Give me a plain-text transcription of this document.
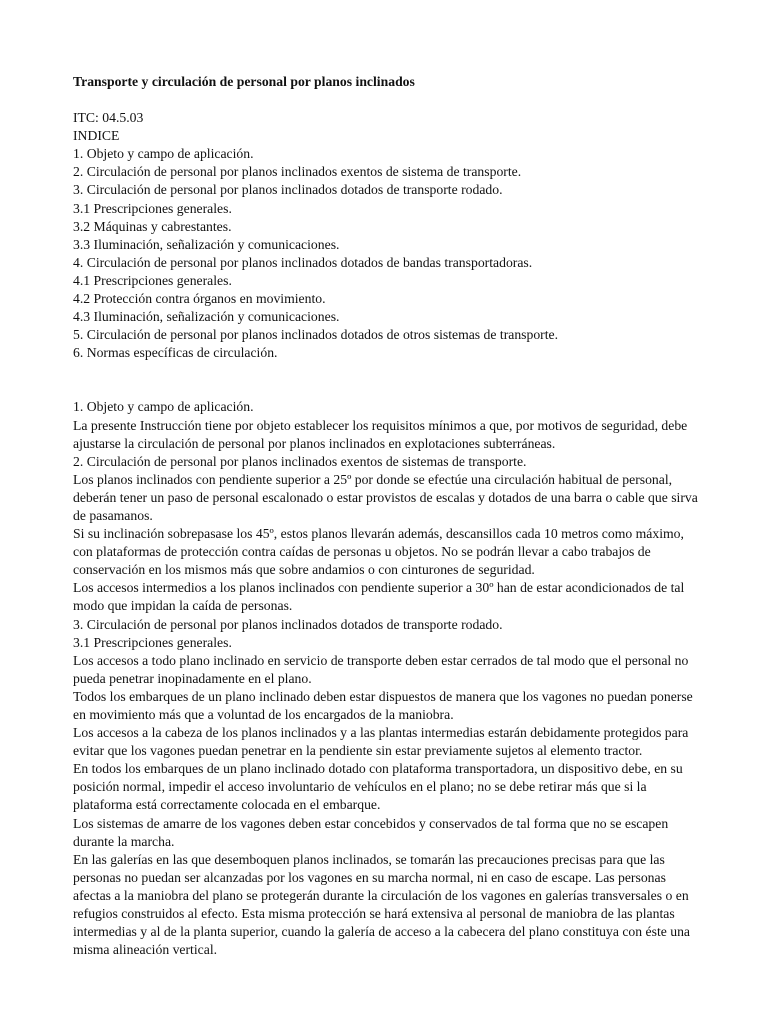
Transporte y circulación de personal por planos inclinados

ITC: 04.5.03

INDICE

1. Objeto y campo de aplicación.

2. Circulación de personal por planos inclinados exentos de sistema de transporte.

3. Circulación de personal por planos inclinados dotados de transporte rodado.

3.1 Prescripciones generales.

3.2 Máquinas y cabrestantes.

3.3 Iluminación, señalización y comunicaciones.

4. Circulación de personal por planos inclinados dotados de bandas transportadoras.

4.1 Prescripciones generales.

4.2 Protección contra órganos en movimiento.

4.3 Iluminación, señalización y comunicaciones.

5. Circulación de personal por planos inclinados dotados de otros sistemas de transporte.

6. Normas específicas de circulación.

1. Objeto y campo de aplicación.

La presente Instrucción tiene por objeto establecer los requisitos mínimos a que, por motivos de seguridad, debe ajustarse la circulación de personal por planos inclinados en explotaciones subterráneas.

2. Circulación de personal por planos inclinados exentos de sistemas de transporte.

Los planos inclinados con pendiente superior a 25º por donde se efectúe una circulación habitual de personal, deberán tener un paso de personal escalonado o estar provistos de escalas y dotados de una barra o cable que sirva de pasamanos.

Si su inclinación sobrepasase los 45º, estos planos llevarán además, descansillos cada 10 metros como máximo, con plataformas de protección contra caídas de personas u objetos. No se podrán llevar a cabo trabajos de conservación en los mismos más que sobre andamios o con cinturones de seguridad.

Los accesos intermedios a los planos inclinados con pendiente superior a 30º han de estar acondicionados de tal modo que impidan la caída de personas.

3. Circulación de personal por planos inclinados dotados de transporte rodado.

3.1 Prescripciones generales.

Los accesos a todo plano inclinado en servicio de transporte deben estar cerrados de tal modo que el personal no pueda penetrar inopinadamente en el plano.

Todos los embarques de un plano inclinado deben estar dispuestos de manera que los vagones no puedan ponerse en movimiento más que a voluntad de los encargados de la maniobra.

Los accesos a la cabeza de los planos inclinados y a las plantas intermedias estarán debidamente protegidos para evitar que los vagones puedan penetrar en la pendiente sin estar previamente sujetos al elemento tractor.

En todos los embarques de un plano inclinado dotado con plataforma transportadora, un dispositivo debe, en su posición normal, impedir el acceso involuntario de vehículos en el plano; no se debe retirar más que si la plataforma está correctamente colocada en el embarque.

Los sistemas de amarre de los vagones deben estar concebidos y conservados de tal forma que no se escapen durante la marcha.

En las galerías en las que desemboquen planos inclinados, se tomarán las precauciones precisas para que las personas no puedan ser alcanzadas por los vagones en su marcha normal, ni en caso de escape. Las personas afectas a la maniobra del plano se protegerán durante la circulación de los vagones en galerías transversales o en refugios construidos al efecto. Esta misma protección se hará extensiva al personal de maniobra de las plantas intermedias y al de la planta superior, cuando la galería de acceso a la cabecera del plano constituya con éste una misma alineación vertical.
